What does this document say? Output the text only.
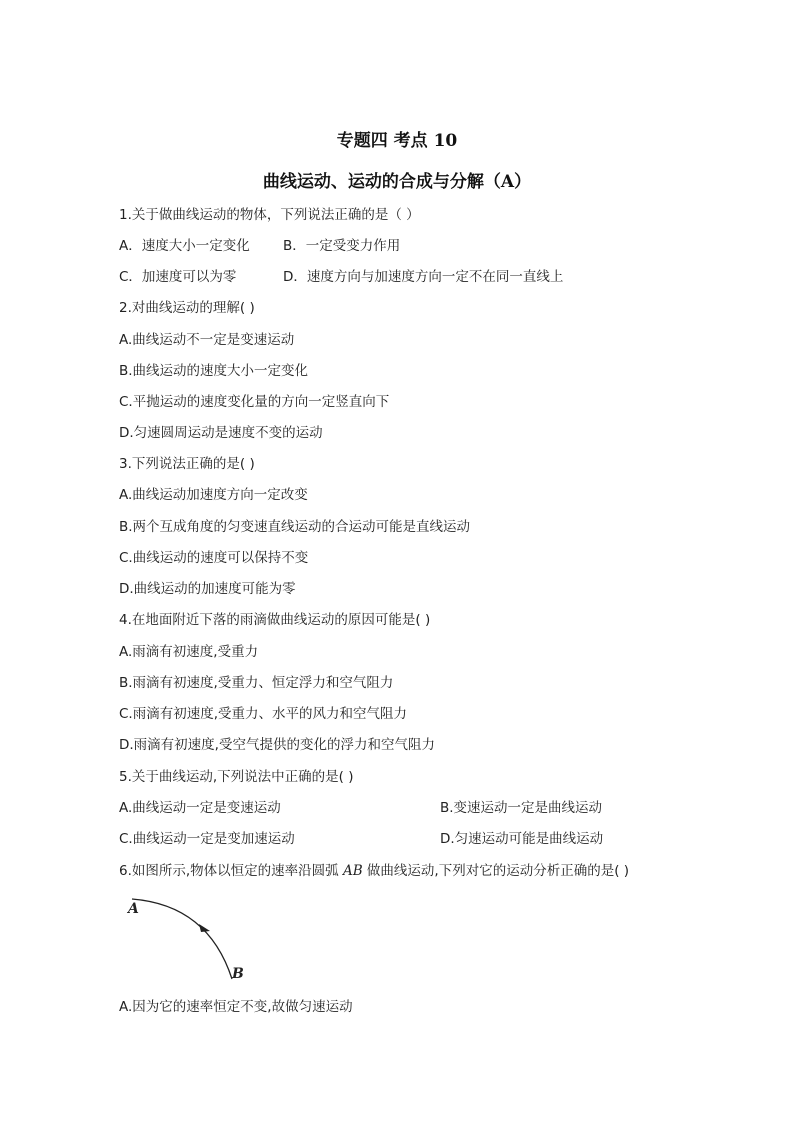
专题四 考点 10
曲线运动、运动的合成与分解（A）
1.关于做曲线运动的物体，下列说法正确的是（ ）
A．速度大小一定变化 B．一定受变力作用
C．加速度可以为零	D．速度方向与加速度方向一定不在同一直线上
2.对曲线运动的理解( )
A.曲线运动不一定是变速运动
B.曲线运动的速度大小一定变化
C.平抛运动的速度变化量的方向一定竖直向下
D.匀速圆周运动是速度不变的运动
3.下列说法正确的是( )
A.曲线运动加速度方向一定改变
B.两个互成角度的匀变速直线运动的合运动可能是直线运动
C.曲线运动的速度可以保持不变
D.曲线运动的加速度可能为零
4.在地面附近下落的雨滴做曲线运动的原因可能是( )
A.雨滴有初速度,受重力
B.雨滴有初速度,受重力、恒定浮力和空气阻力
C.雨滴有初速度,受重力、水平的风力和空气阻力
D.雨滴有初速度,受空气提供的变化的浮力和空气阻力
5.关于曲线运动,下列说法中正确的是( )
A.曲线运动一定是变速运动	B.变速运动一定是曲线运动
C.曲线运动一定是变加速运动	D.匀速运动可能是曲线运动
6.如图所示,物体以恒定的速率沿圆弧 AB 做曲线运动,下列对它的运动分析正确的是( )
A
B
A.因为它的速率恒定不变,故做匀速运动
